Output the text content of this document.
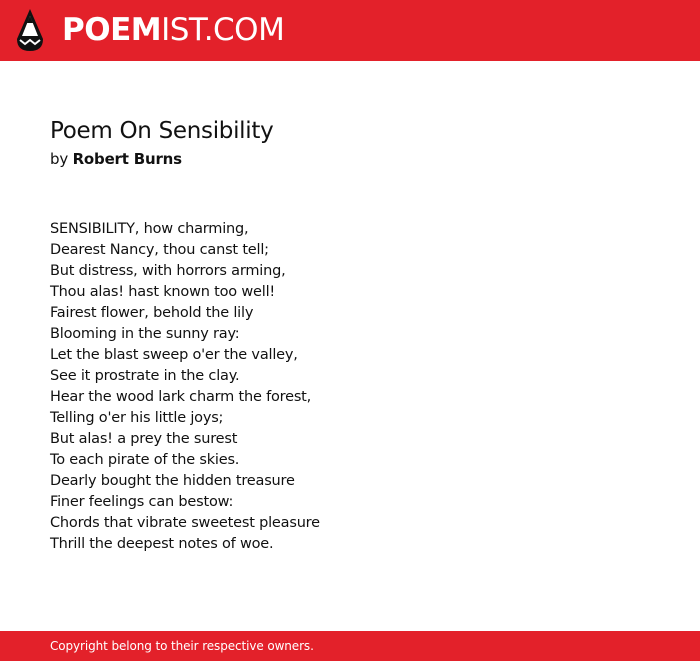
POEMIST.COM
Poem On Sensibility
by Robert Burns
SENSIBILITY, how charming,
Dearest Nancy, thou canst tell;
But distress, with horrors arming,
Thou alas! hast known too well!
Fairest flower, behold the lily
Blooming in the sunny ray:
Let the blast sweep o'er the valley,
See it prostrate in the clay.
Hear the wood lark charm the forest,
Telling o'er his little joys;
But alas! a prey the surest
To each pirate of the skies.
Dearly bought the hidden treasure
Finer feelings can bestow:
Chords that vibrate sweetest pleasure
Thrill the deepest notes of woe.
Copyright belong to their respective owners.
